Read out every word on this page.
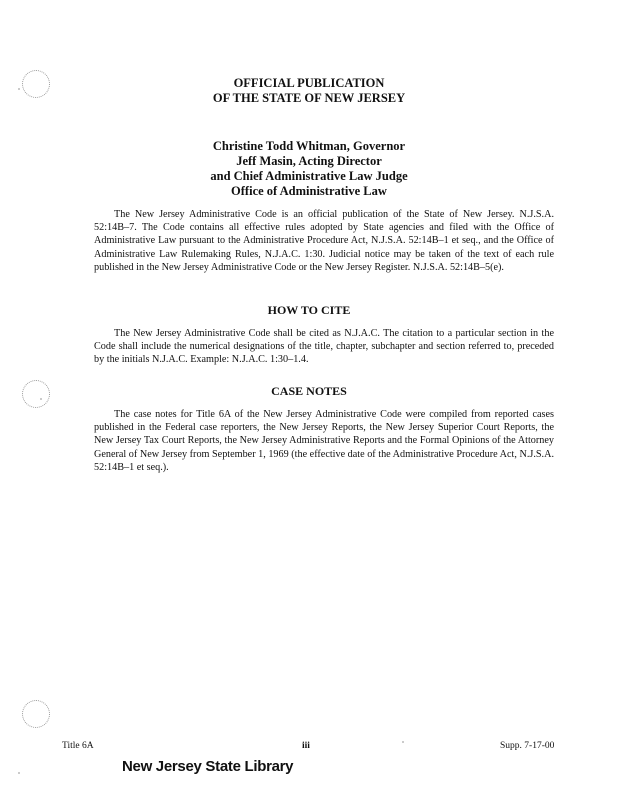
OFFICIAL PUBLICATION
OF THE STATE OF NEW JERSEY
Christine Todd Whitman, Governor
Jeff Masin, Acting Director
and Chief Administrative Law Judge
Office of Administrative Law

The New Jersey Administrative Code is an official publication of the State of New Jersey. N.J.S.A. 52:14B–7. The Code contains all effective rules adopted by State agencies and filed with the Office of Administrative Law pursuant to the Administrative Procedure Act, N.J.S.A. 52:14B–1 et seq., and the Office of Administrative Law Rulemaking Rules, N.J.A.C. 1:30. Judicial notice may be taken of the text of each rule published in the New Jersey Administrative Code or the New Jersey Register. N.J.S.A. 52:14B–5(e).

HOW TO CITE

The New Jersey Administrative Code shall be cited as N.J.A.C. The citation to a particular section in the Code shall include the numerical designations of the title, chapter, subchapter and section referred to, preceded by the initials N.J.A.C. Example: N.J.A.C. 1:30–1.4.

CASE NOTES

The case notes for Title 6A of the New Jersey Administrative Code were compiled from reported cases published in the Federal case reporters, the New Jersey Reports, the New Jersey Superior Court Reports, the New Jersey Tax Court Reports, the New Jersey Administrative Reports and the Formal Opinions of the Attorney General of New Jersey from September 1, 1969 (the effective date of the Administrative Procedure Act, N.J.S.A. 52:14B–1 et seq.).

Title 6A	iii	Supp. 7-17-00
New Jersey State Library
